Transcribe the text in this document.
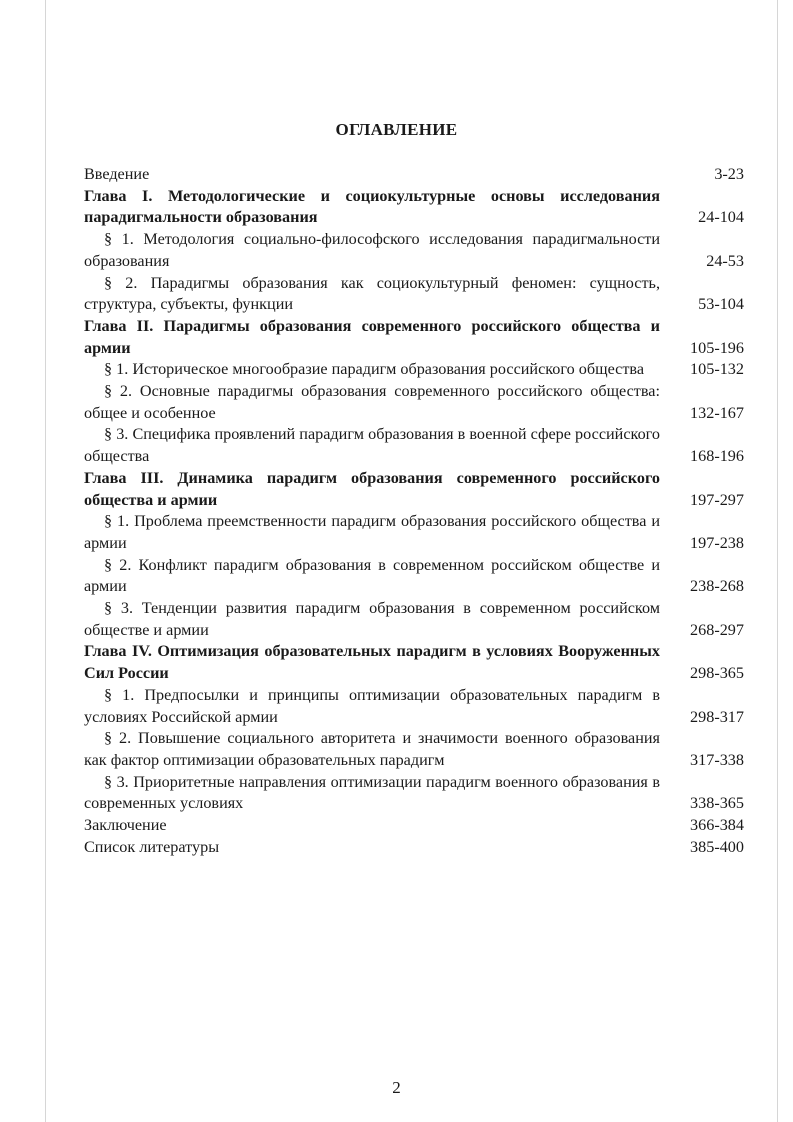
ОГЛАВЛЕНИЕ
Введение	3-23
Глава I. Методологические и социокультурные основы исследования парадигмальности образования	24-104
§ 1. Методология социально-философского исследования парадигмальности образования	24-53
§ 2. Парадигмы образования как социокультурный феномен: сущность, структура, субъекты, функции	53-104
Глава II. Парадигмы образования современного российского общества и армии	105-196
§ 1. Историческое многообразие парадигм образования российского общества	105-132
§ 2. Основные парадигмы образования современного российского общества: общее и особенное	132-167
§ 3. Специфика проявлений парадигм образования в военной сфере российского общества	168-196
Глава III. Динамика парадигм образования современного российского общества и армии	197-297
§ 1. Проблема преемственности парадигм образования российского общества и армии	197-238
§ 2. Конфликт парадигм образования в современном российском обществе и армии	238-268
§ 3. Тенденции развития парадигм образования в современном российском обществе и армии	268-297
Глава IV. Оптимизация образовательных парадигм в условиях Вооруженных Сил России	298-365
§ 1. Предпосылки и принципы оптимизации образовательных парадигм в условиях Российской армии	298-317
§ 2. Повышение социального авторитета и значимости военного образования как фактор оптимизации образовательных парадигм	317-338
§ 3. Приоритетные направления оптимизации парадигм военного образования в современных условиях	338-365
Заключение	366-384
Список литературы	385-400
2
